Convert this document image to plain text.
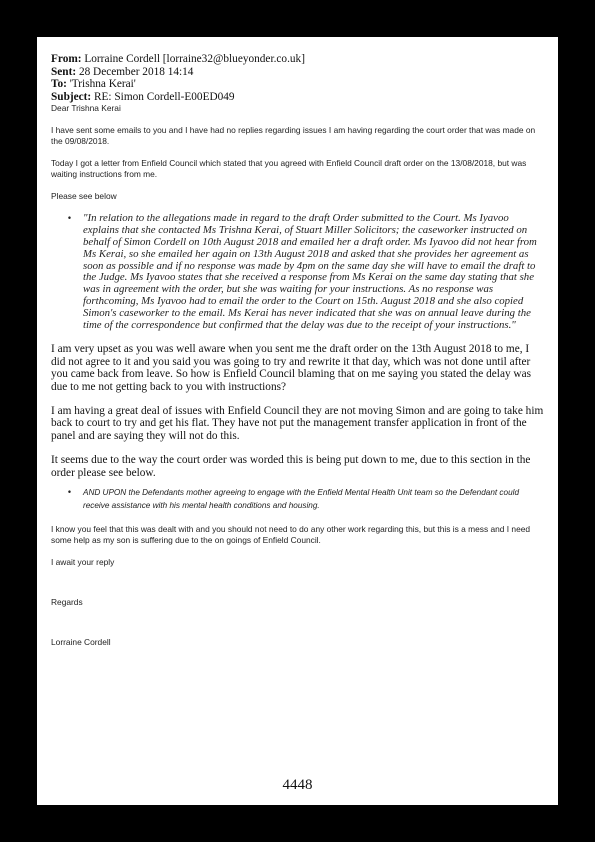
From: Lorraine Cordell [lorraine32@blueyonder.co.uk]
Sent: 28 December 2018 14:14
To: 'Trishna Kerai'
Subject: RE: Simon Cordell-E00ED049
Dear Trishna Kerai
I have sent some emails to you and I have had no replies regarding issues I am having regarding the court order that was made on the 09/08/2018.
Today I got a letter from Enfield Council which stated that you agreed with Enfield Council draft order on the 13/08/2018, but was waiting instructions from me.
Please see below
• "In relation to the allegations made in regard to the draft Order submitted to the Court. Ms Iyavoo explains that she contacted Ms Trishna Kerai, of Stuart Miller Solicitors; the caseworker instructed on behalf of Simon Cordell on 10th August 2018 and emailed her a draft order. Ms Iyavoo did not hear from Ms Kerai, so she emailed her again on 13th August 2018 and asked that she provides her agreement as soon as possible and if no response was made by 4pm on the same day she will have to email the draft to the Judge. Ms Iyavoo states that she received a response from Ms Kerai on the same day stating that she was in agreement with the order, but she was waiting for your instructions. As no response was forthcoming, Ms Iyavoo had to email the order to the Court on 15th. August 2018 and she also copied Simon's caseworker to the email. Ms Kerai has never indicated that she was on annual leave during the time of the correspondence but confirmed that the delay was due to the receipt of your instructions."
I am very upset as you was well aware when you sent me the draft order on the 13th August 2018 to me, I did not agree to it and you said you was going to try and rewrite it that day, which was not done until after you came back from leave. So how is Enfield Council blaming that on me saying you stated the delay was due to me not getting back to you with instructions?
I am having a great deal of issues with Enfield Council they are not moving Simon and are going to take him back to court to try and get his flat. They have not put the management transfer application in front of the panel and are saying they will not do this.
It seems due to the way the court order was worded this is being put down to me, due to this section in the order please see below.
• AND UPON the Defendants mother agreeing to engage with the Enfield Mental Health Unit team so the Defendant could receive assistance with his mental health conditions and housing.
I know you feel that this was dealt with and you should not need to do any other work regarding this, but this is a mess and I need some help as my son is suffering due to the on goings of Enfield Council.
I await your reply
Regards
Lorraine Cordell
4448
